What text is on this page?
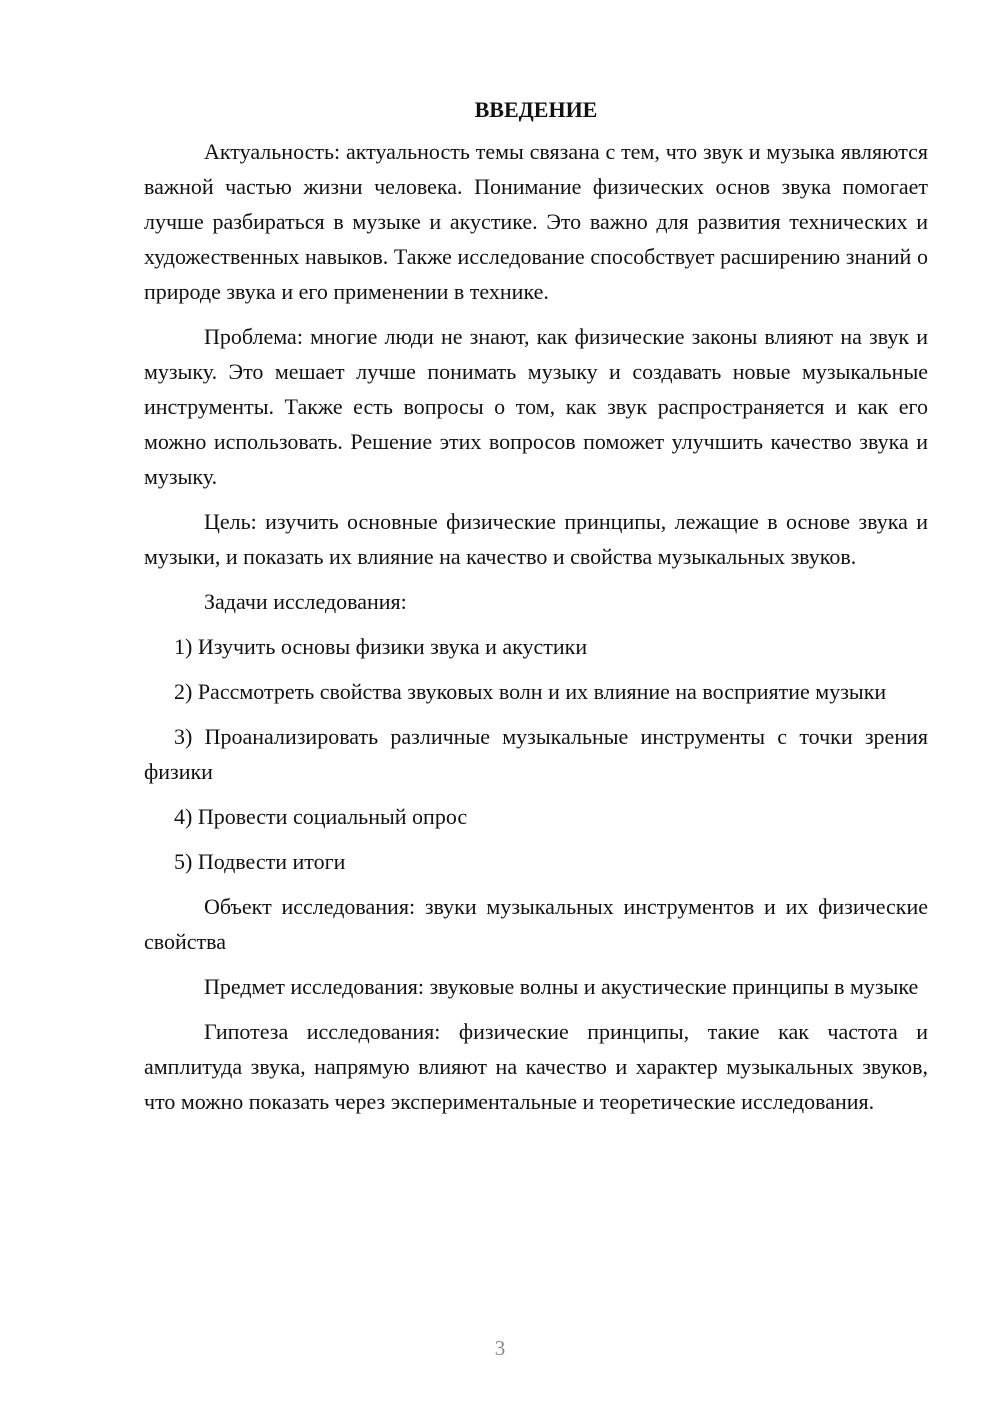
ВВЕДЕНИЕ

Актуальность: актуальность темы связана с тем, что звук и музыка являются важной частью жизни человека. Понимание физических основ звука помогает лучше разбираться в музыке и акустике. Это важно для развития технических и художественных навыков. Также исследование способствует расширению знаний о природе звука и его применении в технике.

Проблема: многие люди не знают, как физические законы влияют на звук и музыку. Это мешает лучше понимать музыку и создавать новые музыкальные инструменты. Также есть вопросы о том, как звук распространяется и как его можно использовать. Решение этих вопросов поможет улучшить качество звука и музыку.

Цель: изучить основные физические принципы, лежащие в основе звука и музыки, и показать их влияние на качество и свойства музыкальных звуков.

Задачи исследования:

1) Изучить основы физики звука и акустики

2) Рассмотреть свойства звуковых волн и их влияние на восприятие музыки

3) Проанализировать различные музыкальные инструменты с точки зрения физики

4) Провести социальный опрос

5) Подвести итоги

Объект исследования: звуки музыкальных инструментов и их физические свойства

Предмет исследования: звуковые волны и акустические принципы в музыке

Гипотеза исследования: физические принципы, такие как частота и амплитуда звука, напрямую влияют на качество и характер музыкальных звуков, что можно показать через экспериментальные и теоретические исследования.

3
